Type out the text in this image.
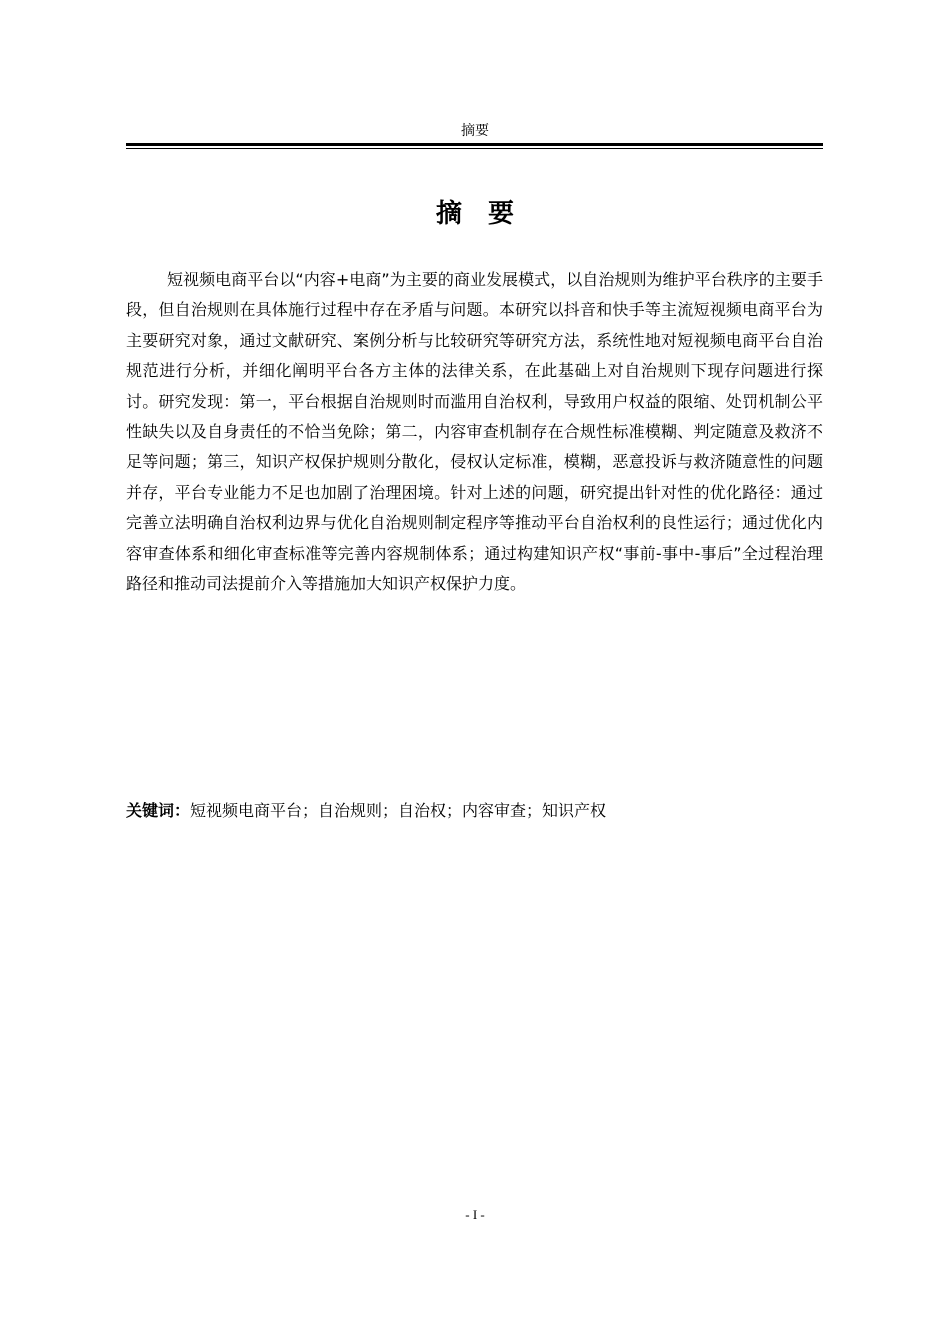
摘要
摘要

短视频电商平台以“内容+电商”为主要的商业发展模式，以自治规则为维护平台秩序的主要手段，但自治规则在具体施行过程中存在矛盾与问题。本研究以抖音和快手等主流短视频电商平台为主要研究对象，通过文献研究、案例分析与比较研究等研究方法，系统性地对短视频电商平台自治规范进行分析，并细化阐明平台各方主体的法律关系，在此基础上对自治规则下现存问题进行探讨。研究发现：第一，平台根据自治规则时而滥用自治权利，导致用户权益的限缩、处罚机制公平性缺失以及自身责任的不恰当免除；第二，内容审查机制存在合规性标准模糊、判定随意及救济不足等问题；第三，知识产权保护规则分散化，侵权认定标准，模糊，恶意投诉与救济随意性的问题并存，平台专业能力不足也加剧了治理困境。针对上述的问题，研究提出针对性的优化路径：通过完善立法明确自治权利边界与优化自治规则制定程序等推动平台自治权利的良性运行；通过优化内容审查体系和细化审查标准等完善内容规制体系；通过构建知识产权“事前-事中-事后”全过程治理路径和推动司法提前介入等措施加大知识产权保护力度。

关键词：短视频电商平台；自治规则；自治权；内容审查；知识产权
- I -
